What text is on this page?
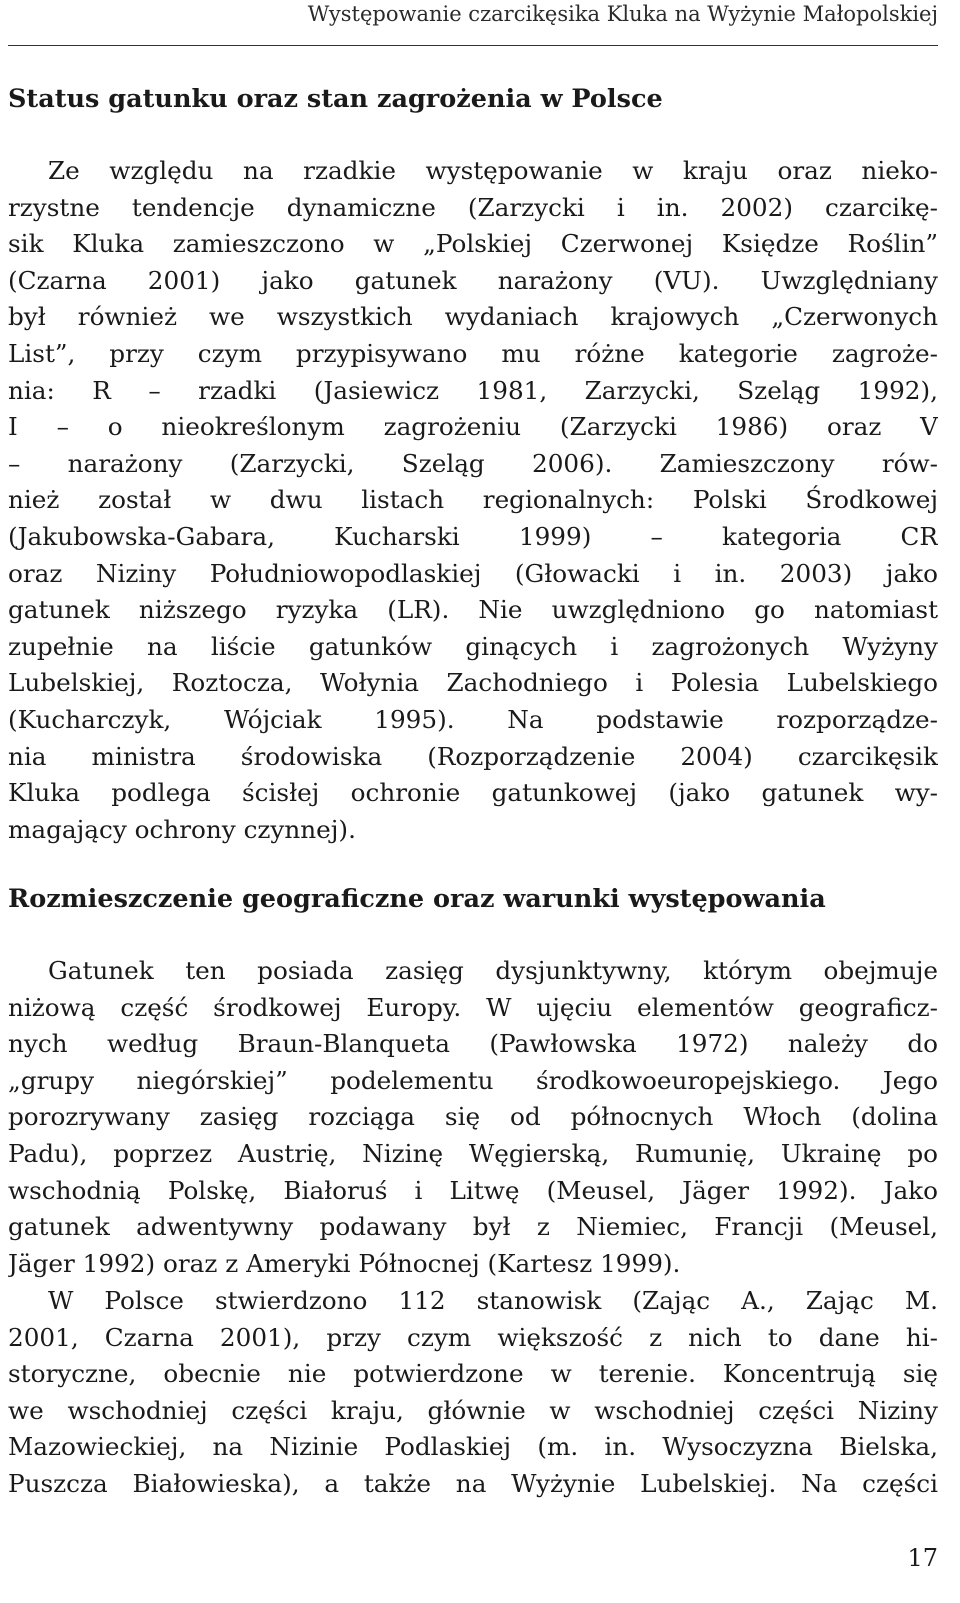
Występowanie czarcikęsika Kluka na Wyżynie Małopolskiej
Status gatunku oraz stan zagrożenia w Polsce
Ze względu na rzadkie występowanie w kraju oraz nieko-
rzystne tendencje dynamiczne (Zarzycki i in. 2002) czarcikę-
sik Kluka zamieszczono w „Polskiej Czerwonej Księdze Roślin”
(Czarna 2001) jako gatunek narażony (VU). Uwzględniany
był również we wszystkich wydaniach krajowych „Czerwonych
List”, przy czym przypisywano mu różne kategorie zagroże-
nia: R – rzadki (Jasiewicz 1981, Zarzycki, Szeląg 1992),
I – o nieokreślonym zagrożeniu (Zarzycki 1986) oraz V
– narażony (Zarzycki, Szeląg 2006). Zamieszczony rów-
nież został w dwu listach regionalnych: Polski Środkowej
(Jakubowska-Gabara, Kucharski 1999) – kategoria CR
oraz Niziny Południowopodlaskiej (Głowacki i in. 2003) jako
gatunek niższego ryzyka (LR). Nie uwzględniono go natomiast
zupełnie na liście gatunków ginących i zagrożonych Wyżyny
Lubelskiej, Roztocza, Wołynia Zachodniego i Polesia Lubelskiego
(Kucharczyk, Wójciak 1995). Na podstawie rozporządze-
nia ministra środowiska (Rozporządzenie 2004) czarcikęsik
Kluka podlega ścisłej ochronie gatunkowej (jako gatunek wy-
magający ochrony czynnej).
Rozmieszczenie geograficzne oraz warunki występowania
Gatunek ten posiada zasięg dysjunktywny, którym obejmuje
niżową część środkowej Europy. W ujęciu elementów geograficz-
nych według Braun-Blanqueta (Pawłowska 1972) należy do
„grupy niegórskiej” podelementu środkowoeuropejskiego. Jego
porozrywany zasięg rozciąga się od północnych Włoch (dolina
Padu), poprzez Austrię, Nizinę Węgierską, Rumunię, Ukrainę po
wschodnią Polskę, Białoruś i Litwę (Meusel, Jäger 1992). Jako
gatunek adwentywny podawany był z Niemiec, Francji (Meusel,
Jäger 1992) oraz z Ameryki Północnej (Kartesz 1999).
W Polsce stwierdzono 112 stanowisk (Zając A., Zając M.
2001, Czarna 2001), przy czym większość z nich to dane hi-
storyczne, obecnie nie potwierdzone w terenie. Koncentrują się
we wschodniej części kraju, głównie w wschodniej części Niziny
Mazowieckiej, na Nizinie Podlaskiej (m. in. Wysoczyzna Bielska,
Puszcza Białowieska), a także na Wyżynie Lubelskiej. Na części
17
